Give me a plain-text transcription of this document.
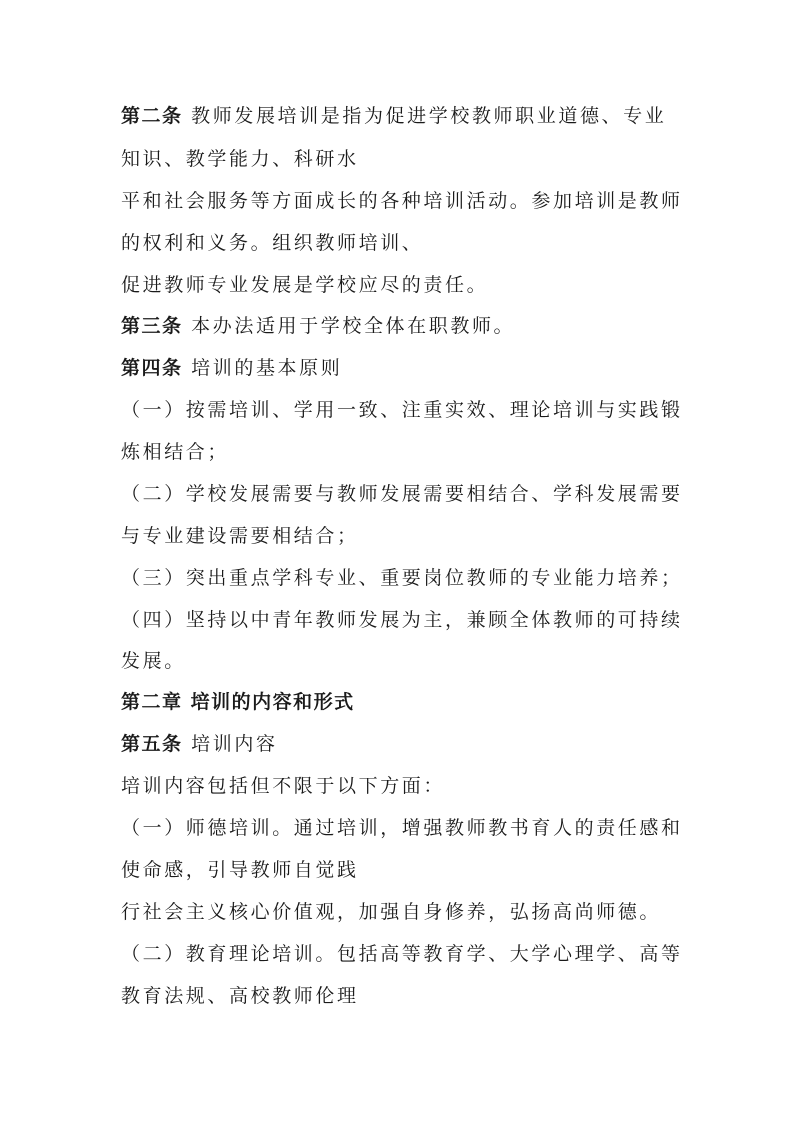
第二条 教师发展培训是指为促进学校教师职业道德、专业
知识、教学能力、科研水
平和社会服务等方面成长的各种培训活动。参加培训是教师
的权利和义务。组织教师培训、
促进教师专业发展是学校应尽的责任。
第三条 本办法适用于学校全体在职教师。
第四条 培训的基本原则
（一）按需培训、学用一致、注重实效、理论培训与实践锻
炼相结合；
（二）学校发展需要与教师发展需要相结合、学科发展需要
与专业建设需要相结合；
（三）突出重点学科专业、重要岗位教师的专业能力培养；
（四）坚持以中青年教师发展为主，兼顾全体教师的可持续
发展。
第二章 培训的内容和形式
第五条 培训内容
培训内容包括但不限于以下方面：
（一）师德培训。通过培训，增强教师教书育人的责任感和
使命感，引导教师自觉践
行社会主义核心价值观，加强自身修养，弘扬高尚师德。
（二）教育理论培训。包括高等教育学、大学心理学、高等
教育法规、高校教师伦理
